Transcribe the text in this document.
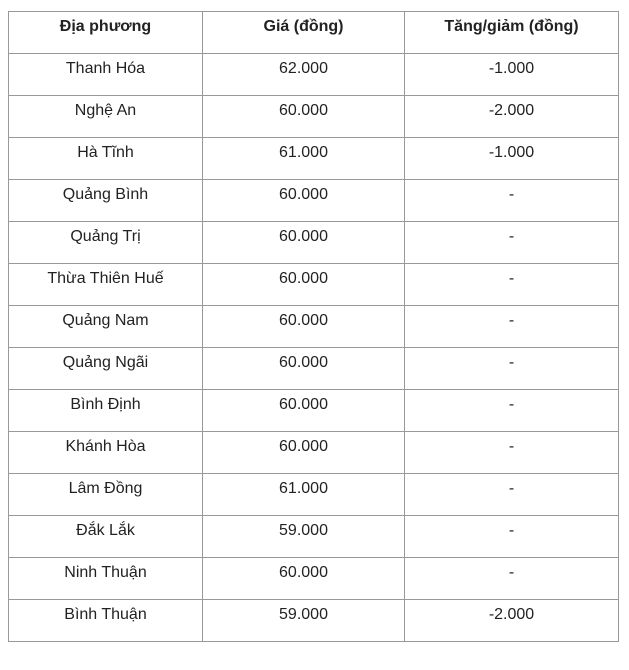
Địa phương	Giá (đồng)	Tăng/giảm (đồng)
Thanh Hóa	62.000	-1.000
Nghệ An	60.000	-2.000
Hà Tĩnh	61.000	-1.000
Quảng Bình	60.000	-
Quảng Trị	60.000	-
Thừa Thiên Huế	60.000	-
Quảng Nam	60.000	-
Quảng Ngãi	60.000	-
Bình Định	60.000	-
Khánh Hòa	60.000	-
Lâm Đồng	61.000	-
Đắk Lắk	59.000	-
Ninh Thuận	60.000	-
Bình Thuận	59.000	-2.000
